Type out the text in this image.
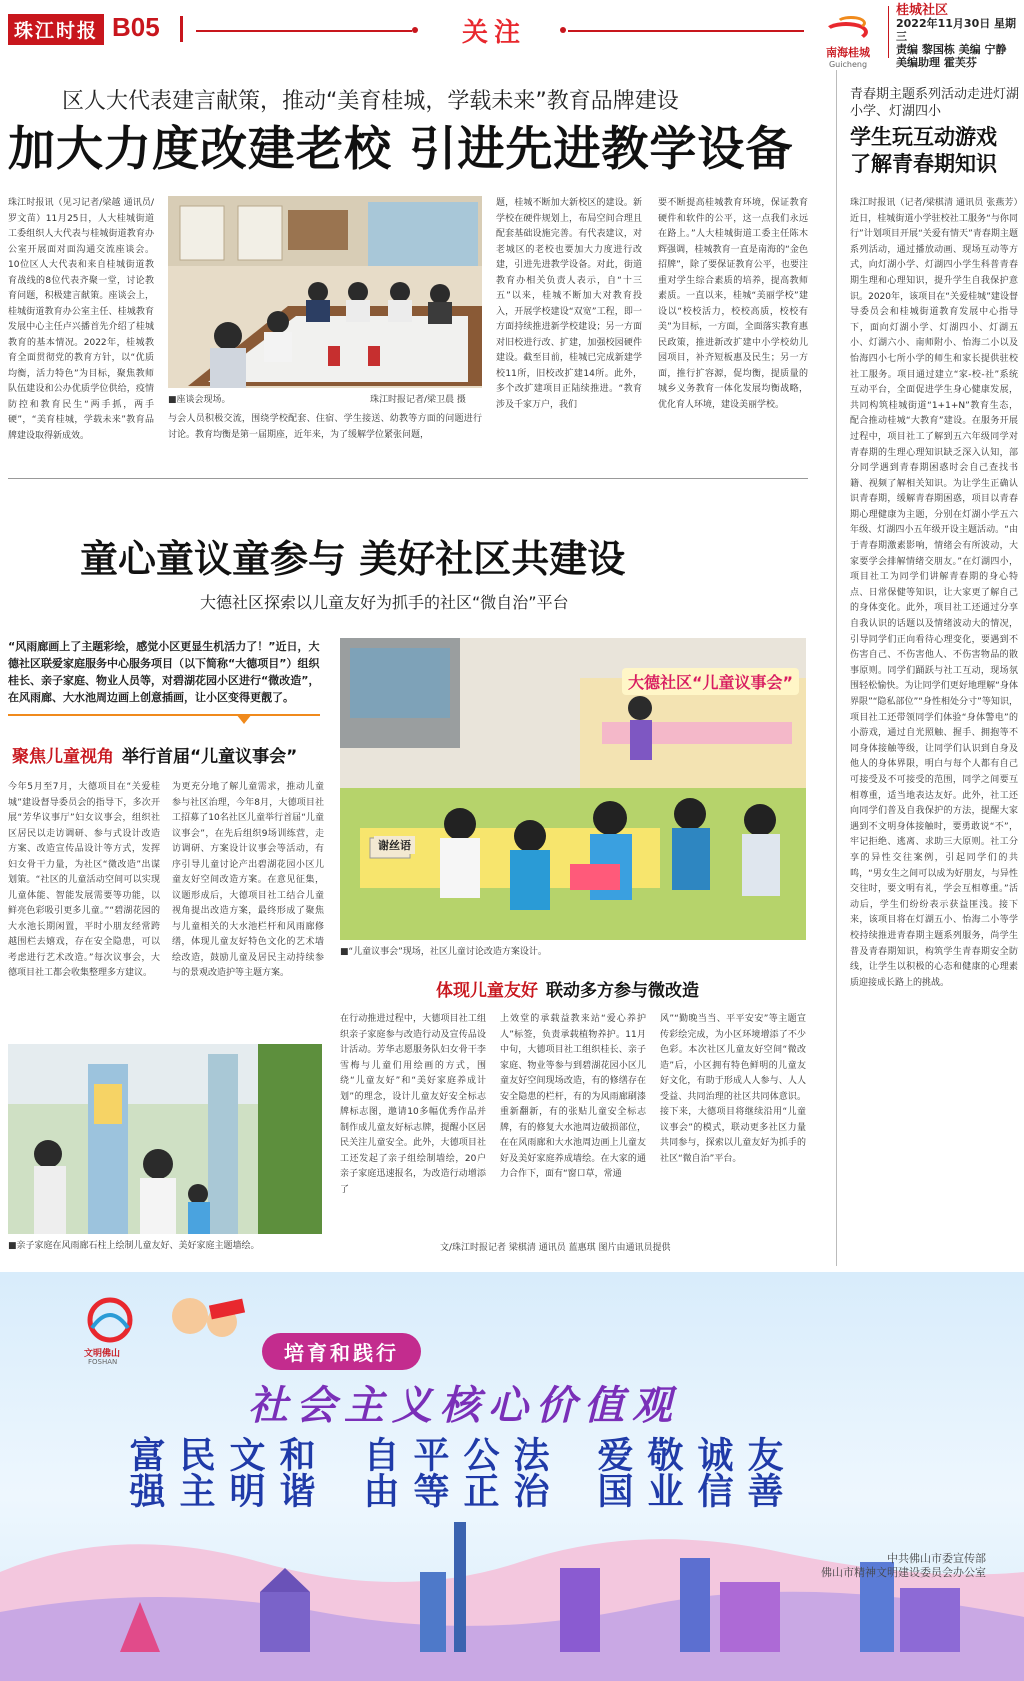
珠江时报 B05	关注
南海桂城
Guicheng
桂城社区
2022年11月30日 星期三
责编 黎国栋 美编 宁静
美编助理 霍芙芬
区人大代表建言献策，推动“美育桂城，学载未来”教育品牌建设
加大力度改建老校 引进先进教学设备
珠江时报讯（见习记者/梁越 通讯员/罗文苗）11月25日，人大桂城街道工委组织人大代表与桂城街道教育办公室开展面对面沟通交流座谈会。10位区人大代表和来自桂城街道教育战线的8位代表齐聚一堂，讨论教育问题，积极建言献策。座谈会上，桂城街道教育办公室主任、桂城教育发展中心主任卢兴播首先介绍了桂城教育的基本情况。2022年，桂城教育全面贯彻党的教育方针，以“优质均衡，活力特色”为目标，聚焦教师队伍建设和公办优质学位供给，疫情防控和教育民生“两手抓，两手硬”，“美育桂城，学载未来”教育品牌建设取得新成效。
■座谈会现场。	珠江时报记者/梁卫晨 摄
与会人员积极交流，围绕学校配套、住宿、学生接送、幼教等方面的问题进行讨论。教育均衡是第一届期座，近年来，为了缓解学位紧张问题，
题，桂城不断加大新校区的建设。新学校在硬件规划上，布局空间合理且配套基础设施完善。有代表建议，对老城区的老校也要加大力度进行改建，引进先进教学设备。对此，街道教育办相关负责人表示，自“十三五”以来，桂城不断加大对教育投入，开展学校建设“双宽”工程，即一方面持续推进新学校建设；另一方面对旧校进行改、扩建，加强校园硬件建设。截至目前，桂城已完成新建学校11所，旧校改扩建14所。此外，多个改扩建项目正陆续推进。“教育涉及千家万户，我们
要不断提高桂城教育环境，保证教育硬件和软件的公平，这一点我们永远在路上。”人大桂城街道工委主任陈木辉强调，桂城教育一直是南海的“金色招牌”，除了要保证教育公平，也要注重对学生综合素质的培养，提高教师素质。一直以来，桂城“美丽学校”建设以“校校活力，校校高质，校校有美”为目标，一方面，全面落实教育惠民政策，推进新改扩建中小学校幼儿园项目，补齐短板惠及民生；另一方面，推行扩容源，促均衡，提质量的城乡义务教育一体化发展均衡战略，优化育人环境，建设美丽学校。
童心童议童参与 美好社区共建设
大德社区探索以儿童友好为抓手的社区“微自治”平台
“风雨廊画上了主题彩绘，感觉小区更显生机活力了！”近日，大德社区联爱家庭服务中心服务项目（以下简称“大德项目”）组织桂长、亲子家庭、物业人员等，对碧湖花园小区进行“微改造”，在风雨廊、大水池周边画上创意插画，让小区变得更靓了。
聚焦儿童视角 举行首届“儿童议事会”
今年5月至7月，大德项目在“关爱桂城”建设督导委员会的指导下，多次开展“芳华议事厅”妇女议事会，组织社区居民以走访调研、参与式设计改造方案、改造宣传品设计等方式，发挥妇女骨干力量，为社区“微改造”出谋划策。“社区的儿童活动空间可以实现儿童体能、智能发展需要等功能，以鲜亮色彩吸引更多儿童。”“碧湖花园的大水池长期闲置，平时小朋友经常跨越围栏去嬉戏，存在安全隐患，可以考虑进行艺术改造。”每次议事会，大德项目社工都会收集整理多方建议。
为更充分地了解儿童需求，推动儿童参与社区治理，今年8月，大德项目社工招募了10名社区儿童举行首届“儿童议事会”，在先后组织9场训练营，走访调研、方案设计议事会等活动，有序引导儿童讨论产出碧湖花园小区儿童友好空间改造方案。在意见征集，议题形成后，大德项目社工结合儿童视角提出改造方案，最终形成了聚焦与儿童相关的大水池栏杆和风雨廊修缮，体现儿童友好特色文化的艺术墙绘改造，鼓励儿童及居民主动持续参与的景观改造护等主题方案。
大德社区“儿童议事会”
谢丝语
■“儿童议事会”现场，社区儿童讨论改造方案设计。
体现儿童友好 联动多方参与微改造
■亲子家庭在风雨廊石柱上绘制儿童友好、美好家庭主题墙绘。
在行动推进过程中，大德项目社工组织亲子家庭参与改造行动及宣传品设计活动。芳华志愿服务队妇女骨干李雪梅与儿童们用绘画的方式，围绕“儿童友好”和“美好家庭养成计划”的理念，设计儿童友好安全标志牌标志图，邀请10多幅优秀作品并制作成儿童友好标志牌，提醒小区居民关注儿童安全。此外，大德项目社工还发起了亲子组绘制墙绘，20户亲子家庭迅速报名，为改造行动增添了
上效堂的承载益教来站“爱心养护人”标签，负责承载植物养护。11月中旬，大德项目社工组织桂长、亲子家庭、物业等参与到碧湖花园小区儿童友好空间现场改造，有的修缮存在安全隐患的栏杆，有的为风雨廊刷漆重新翻新，有的张贴儿童安全标志牌，有的修复大水池周边破损部位，在在风雨廊和大水池周边画上儿童友好及美好家庭养成墙绘。在大家的通力合作下，面有“窗口草，常通
风”“勤晚当当、平平安安”等主题宣传彩绘完成，为小区环境增添了不少色彩。本次社区儿童友好空间“微改造”后，小区拥有特色鲜明的儿童友好文化，有助于形成人人参与、人人受益、共同治理的社区共同体意识。接下来，大德项目将继续沿用“儿童议事会”的模式，联动更多社区力量共同参与，探索以儿童友好为抓手的社区“微自治”平台。
文/珠江时报记者 梁棋清 通讯员 蓝惠琪 图片由通讯员提供
青春期主题系列活动走进灯湖小学、灯湖四小
学生玩互动游戏 了解青春期知识
珠江时报讯（记者/梁棋清 通讯员 张燕芳）近日，桂城街道小学驻校社工服务“与你同行”计划项目开展“关爱有情天”青春期主题系列活动，通过播放动画、现场互动等方式，向灯湖小学、灯湖四小学生科普青春期生理和心理知识，提升学生自我保护意识。2020年，该项目在“关爱桂城”建设督导委员会和桂城街道教育发展中心指导下，面向灯湖小学、灯湖四小、灯湖五小、灯湖六小、南师附小、怡海二小以及怡海四小七所小学的师生和家长提供驻校社工服务。项目通过建立“家-校-社”系统互动平台，全面促进学生身心健康发展，共同构筑桂城街道“1+1+N”教育生态，配合推动桂城“大教育”建设。在服务开展过程中，项目社工了解到五六年级同学对青春期的生理心理知识缺乏深入认知，部分同学遇到青春期困惑时会自己查找书籍、视频了解相关知识。为让学生正确认识青春期，缓解青春期困惑，项目以青春期心理健康为主题，分别在灯湖小学五六年级、灯湖四小五年级开设主题活动。“由于青春期激素影响，情绪会有所波动，大家要学会排解情绪交朋友。”在灯湖四小，项目社工为同学们讲解青春期的身心特点、日常保健等知识，让大家更了解自己的身体变化。此外，项目社工还通过分享自我认识的话题以及情绪波动大的情况，引导同学们正向看待心理变化，要遇到不伤害自己、不伤害他人、不伤害物品的散事原则。同学们踊跃与社工互动，现场氛围轻松愉快。为让同学们更好地理解“身体界限”“隐私部位”“身性相处分寸”等知识，项目社工还带领同学们体验“身体警电”的小游戏，通过自光照触、握手、拥抱等不同身体接触等级，让同学们认识到自身及他人的身体界限，明白与每个人都有自己可接受及不可接受的范围，同学之间要互相尊重，适当地表达友好。此外，社工还向同学们普及自我保护的方法，提醒大家遇到不文明身体接触时，要勇敢说“不”，牢记拒绝、逃离、求助三大原则。社工分享的异性交往案例，引起同学们的共鸣，“男女生之间可以成为好朋友，与异性交往时，要文明有礼，学会互相尊重。”活动后，学生们纷纷表示获益匪浅。接下来，该项目将在灯湖五小、怡海二小等学校持续推进青春期主题系列服务，尚学生普及青春期知识，构筑学生青春期安全防线，让学生以积极的心态和健康的心理素质迎接成长路上的挑战。
文明佛山
FOSHAN	培育和践行
社会主义核心价值观
富强 民主 文明 和谐 自由 平等 公正 法治 爱国 敬业 诚信 友善
中共佛山市委宣传部
佛山市精神文明建设委员会办公室
